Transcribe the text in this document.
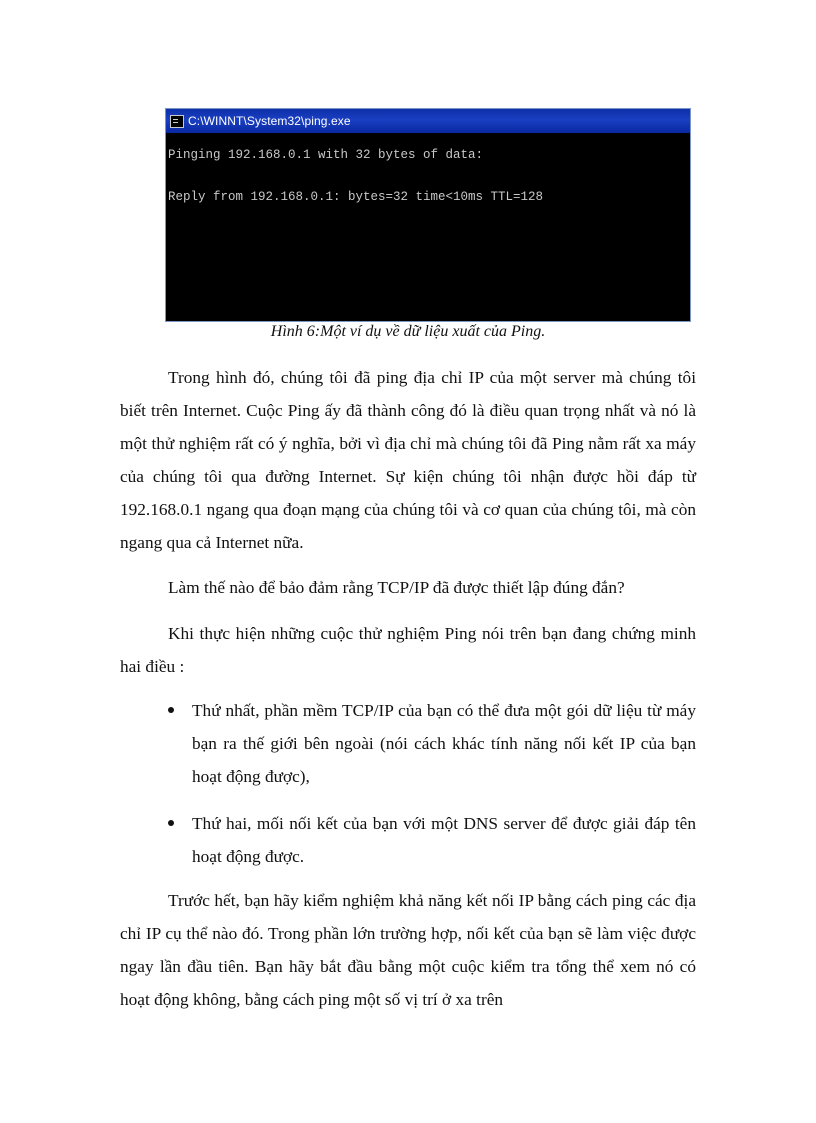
C:\WINNT\System32\ping.exe
Pinging 192.168.0.1 with 32 bytes of data:
Reply from 192.168.0.1: bytes=32 time<10ms TTL=128
Hình 6:Một ví dụ về dữ liệu xuất của Ping.

Trong hình đó, chúng tôi đã ping địa chỉ IP của một server mà chúng tôi biết trên Internet. Cuộc Ping ấy đã thành công đó là điều quan trọng nhất và nó là một thử nghiệm rất có ý nghĩa, bởi vì địa chỉ mà chúng tôi đã Ping nằm rất xa máy của chúng tôi qua đường Internet. Sự kiện chúng tôi nhận được hồi đáp từ 192.168.0.1 ngang qua đoạn mạng của chúng tôi và cơ quan của chúng tôi, mà còn ngang qua cả Internet nữa.

Làm thế nào để bảo đảm rằng TCP/IP đã được thiết lập đúng đắn?

Khi thực hiện những cuộc thử nghiệm Ping nói trên bạn đang chứng minh hai điều :

Thứ nhất, phần mềm TCP/IP của bạn có thể đưa một gói dữ liệu từ máy bạn ra thế giới bên ngoài (nói cách khác tính năng nối kết IP của bạn hoạt động được),
Thứ hai, mối nối kết của bạn với một DNS server để được giải đáp tên hoạt động được.

Trước hết, bạn hãy kiểm nghiệm khả năng kết nối IP bằng cách ping các địa chỉ IP cụ thể nào đó. Trong phần lớn trường hợp, nối kết của bạn sẽ làm việc được ngay lần đầu tiên. Bạn hãy bắt đầu bằng một cuộc kiểm tra tổng thể xem nó có hoạt động không, bằng cách ping một số vị trí ở xa trên
